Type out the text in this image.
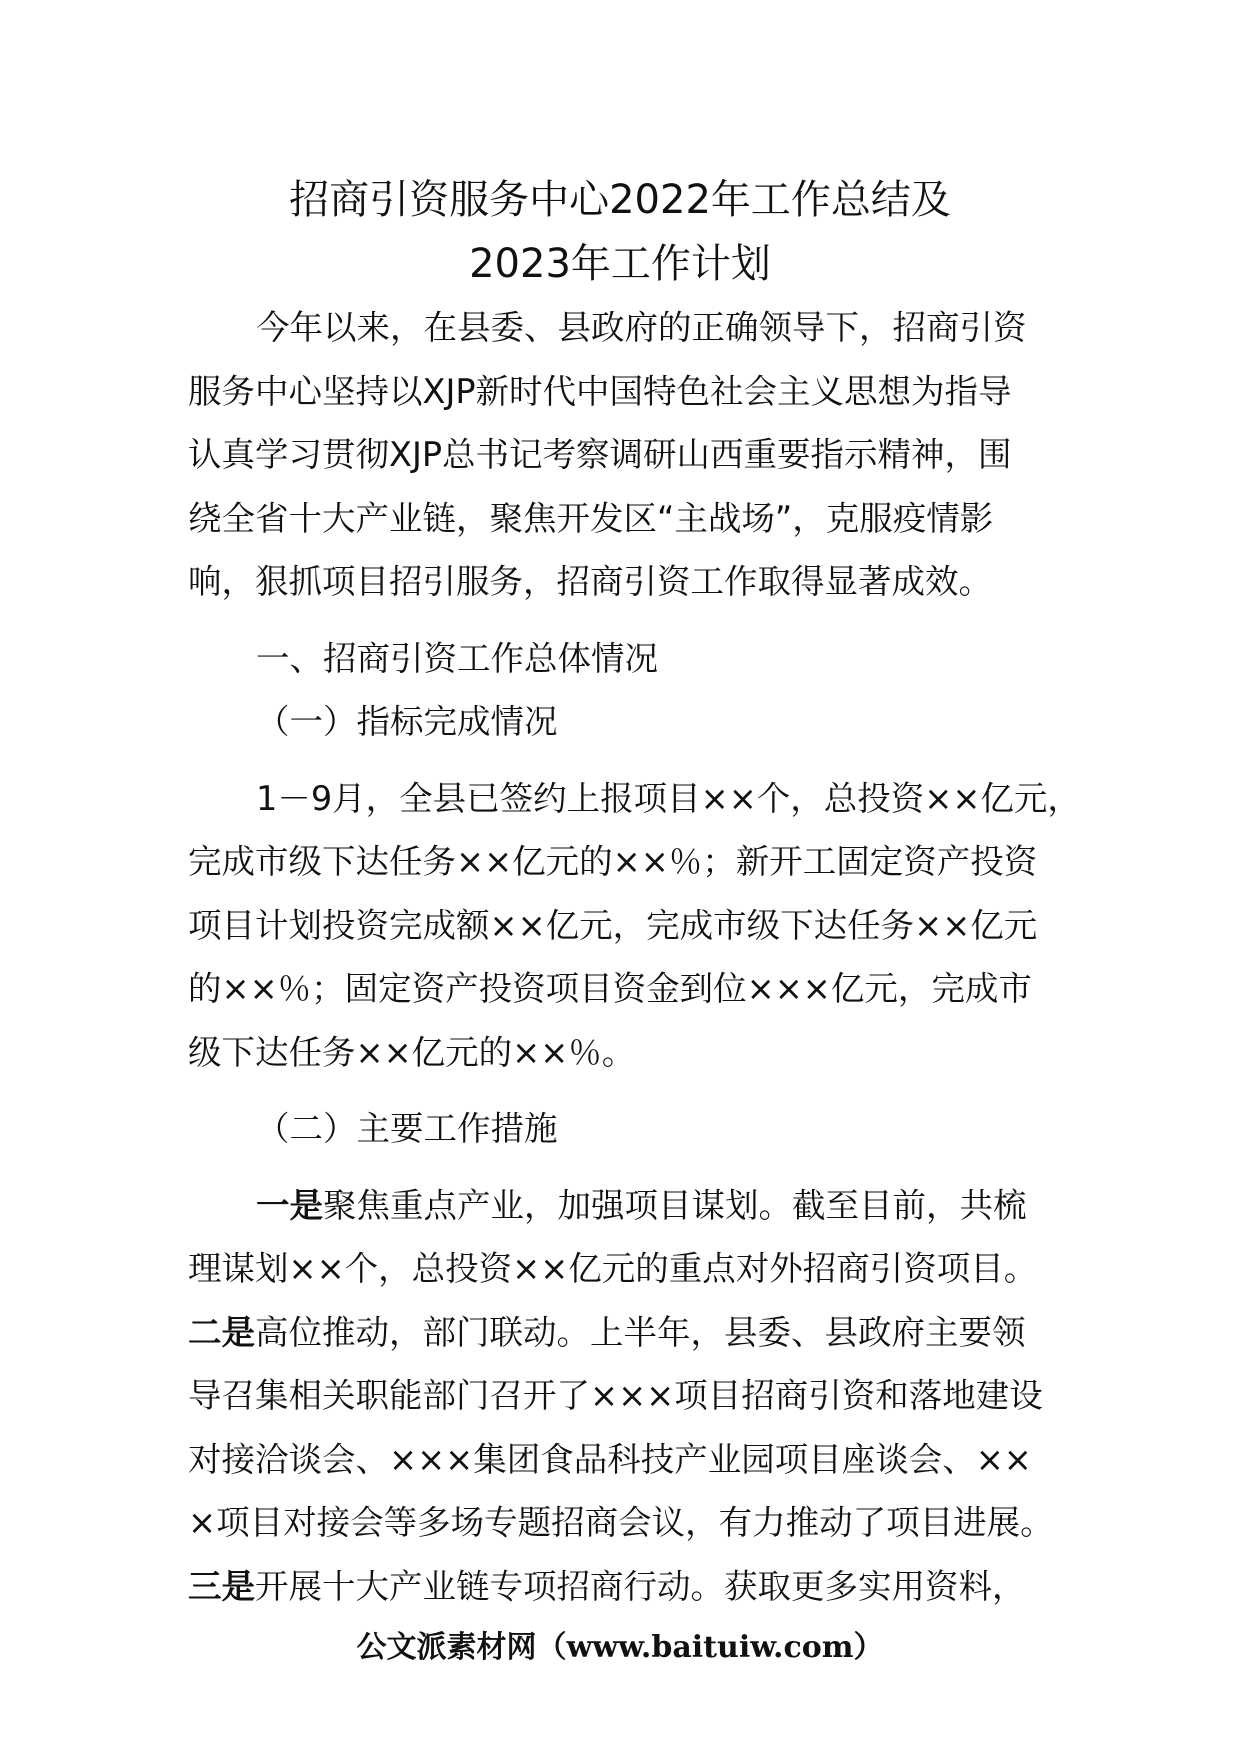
招商引资服务中心2022年工作总结及
2023年工作计划
今年以来，在县委、县政府的正确领导下，招商引资
服务中心坚持以XJP新时代中国特色社会主义思想为指导
认真学习贯彻XJP总书记考察调研山西重要指示精神，围
绕全省十大产业链，聚焦开发区“主战场”，克服疫情影
响，狠抓项目招引服务，招商引资工作取得显著成效。
一、招商引资工作总体情况
（一）指标完成情况
1－9月，全县已签约上报项目××个，总投资××亿元，
完成市级下达任务××亿元的××％；新开工固定资产投资
项目计划投资完成额××亿元，完成市级下达任务××亿元
的××％；固定资产投资项目资金到位×××亿元，完成市
级下达任务××亿元的××％。
（二）主要工作措施
一是聚焦重点产业，加强项目谋划。截至目前，共梳
理谋划××个，总投资××亿元的重点对外招商引资项目。
二是高位推动，部门联动。上半年，县委、县政府主要领
导召集相关职能部门召开了×××项目招商引资和落地建设
对接洽谈会、×××集团食品科技产业园项目座谈会、××
×项目对接会等多场专题招商会议，有力推动了项目进展。
三是开展十大产业链专项招商行动。获取更多实用资料，
公文派素材网（www.baituiw.com）
